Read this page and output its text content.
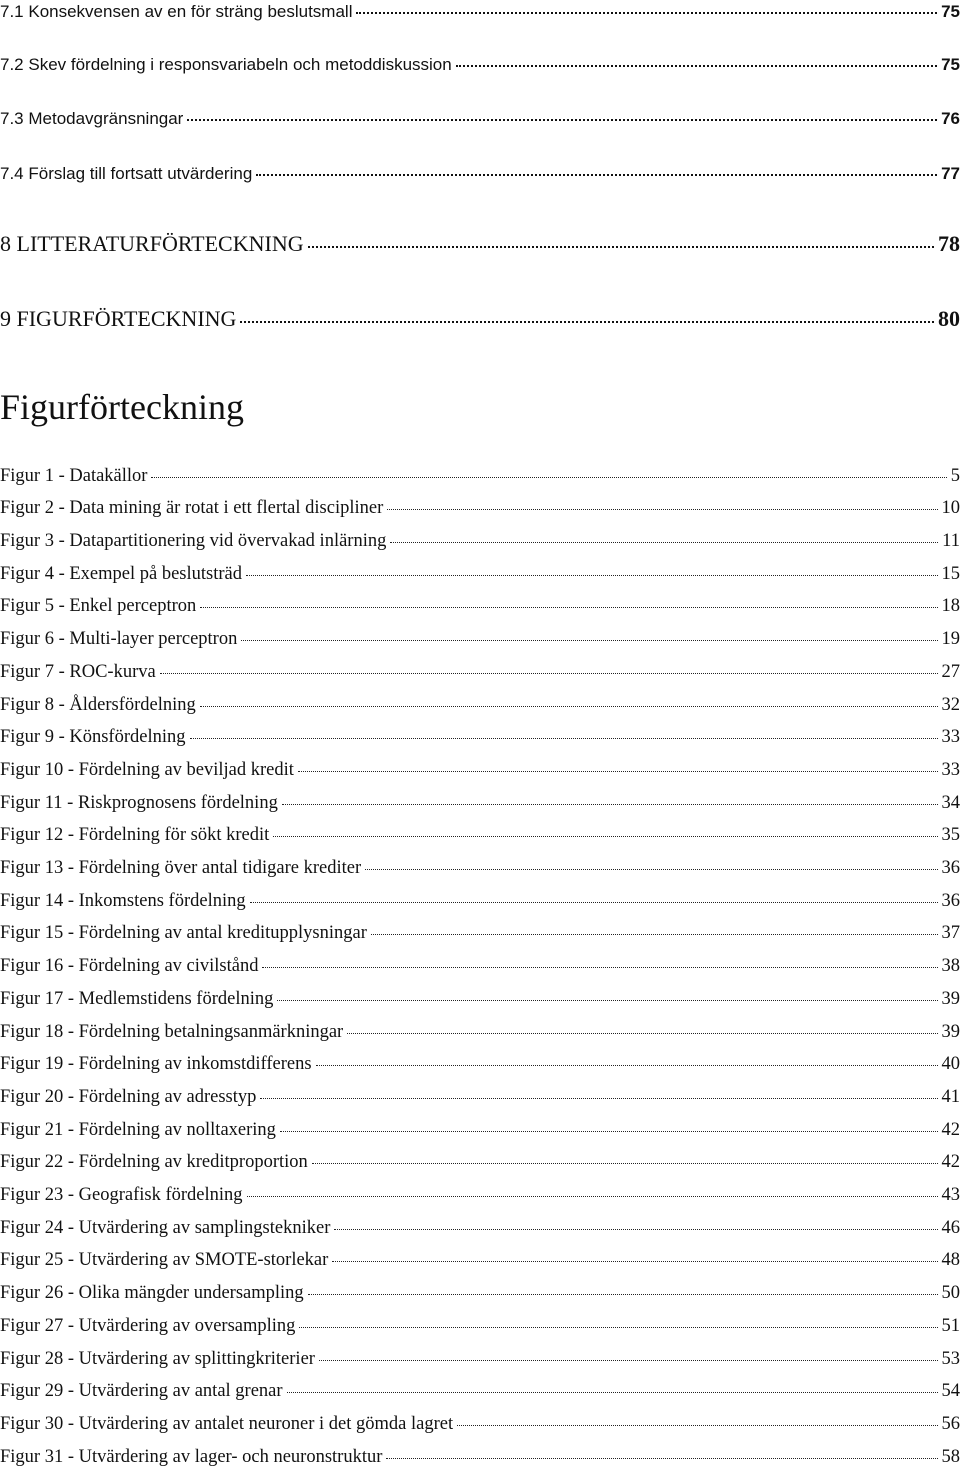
7.1 Konsekvensen av en för sträng beslutsmall	75
7.2 Skev fördelning i responsvariabeln och metoddiskussion	75
7.3 Metodavgränsningar	76
7.4 Förslag till fortsatt utvärdering	77
8 LITTERATURFÖRTECKNING	78
9 FIGURFÖRTECKNING	80
Figurförteckning
Figur 1 - Datakällor	5
Figur 2 - Data mining är rotat i ett flertal discipliner	10
Figur 3 - Datapartitionering vid övervakad inlärning	11
Figur 4 - Exempel på beslutsträd	15
Figur 5 - Enkel perceptron	18
Figur 6 - Multi-layer perceptron	19
Figur 7 - ROC-kurva	27
Figur 8 - Åldersfördelning	32
Figur 9 - Könsfördelning	33
Figur 10 - Fördelning av beviljad kredit	33
Figur 11 - Riskprognosens fördelning	34
Figur 12 - Fördelning för sökt kredit	35
Figur 13 - Fördelning över antal tidigare krediter	36
Figur 14 - Inkomstens fördelning	36
Figur 15 - Fördelning av antal kreditupplysningar	37
Figur 16 - Fördelning av civilstånd	38
Figur 17 - Medlemstidens fördelning	39
Figur 18 - Fördelning betalningsanmärkningar	39
Figur 19 - Fördelning av inkomstdifferens	40
Figur 20 - Fördelning av adresstyp	41
Figur 21 - Fördelning av nolltaxering	42
Figur 22 - Fördelning av kreditproportion	42
Figur 23 - Geografisk fördelning	43
Figur 24 - Utvärdering av samplingstekniker	46
Figur 25 - Utvärdering av SMOTE-storlekar	48
Figur 26 - Olika mängder undersampling	50
Figur 27 - Utvärdering av oversampling	51
Figur 28 - Utvärdering av splittingkriterier	53
Figur 29 - Utvärdering av antal grenar	54
Figur 30 - Utvärdering av antalet neuroner i det gömda lagret	56
Figur 31 - Utvärdering av lager- och neuronstruktur	58
